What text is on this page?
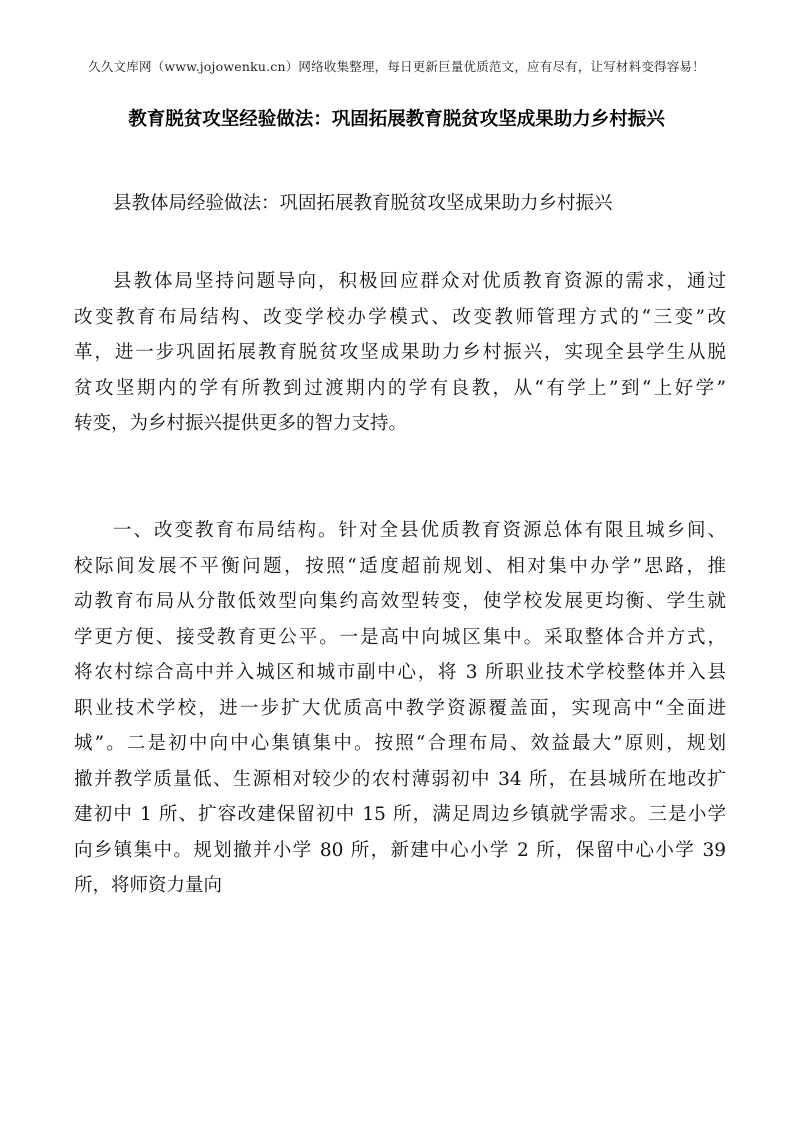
久久文库网（www.jojowenku.cn）网络收集整理，每日更新巨量优质范文，应有尽有，让写材料变得容易！
教育脱贫攻坚经验做法：巩固拓展教育脱贫攻坚成果助力乡村振兴
县教体局经验做法：巩固拓展教育脱贫攻坚成果助力乡村振兴
县教体局坚持问题导向，积极回应群众对优质教育资源的需求，通过
改变教育布局结构、改变学校办学模式、改变教师管理方式的“三变”改
革，进一步巩固拓展教育脱贫攻坚成果助力乡村振兴，实现全县学生从脱
贫攻坚期内的学有所教到过渡期内的学有良教，从“有学上”到“上好学”
转变，为乡村振兴提供更多的智力支持。
一、改变教育布局结构。针对全县优质教育资源总体有限且城乡间、
校际间发展不平衡问题，按照“适度超前规划、相对集中办学”思路，推
动教育布局从分散低效型向集约高效型转变，使学校发展更均衡、学生就
学更方便、接受教育更公平。一是高中向城区集中。采取整体合并方式，
将农村综合高中并入城区和城市副中心，将 3 所职业技术学校整体并入县
职业技术学校，进一步扩大优质高中教学资源覆盖面，实现高中“全面进
城”。二是初中向中心集镇集中。按照“合理布局、效益最大”原则，规划
撤并教学质量低、生源相对较少的农村薄弱初中 34 所，在县城所在地改扩
建初中 1 所、扩容改建保留初中 15 所，满足周边乡镇就学需求。三是小学
向乡镇集中。规划撤并小学 80 所，新建中心小学 2 所，保留中心小学 39
所，将师资力量向
